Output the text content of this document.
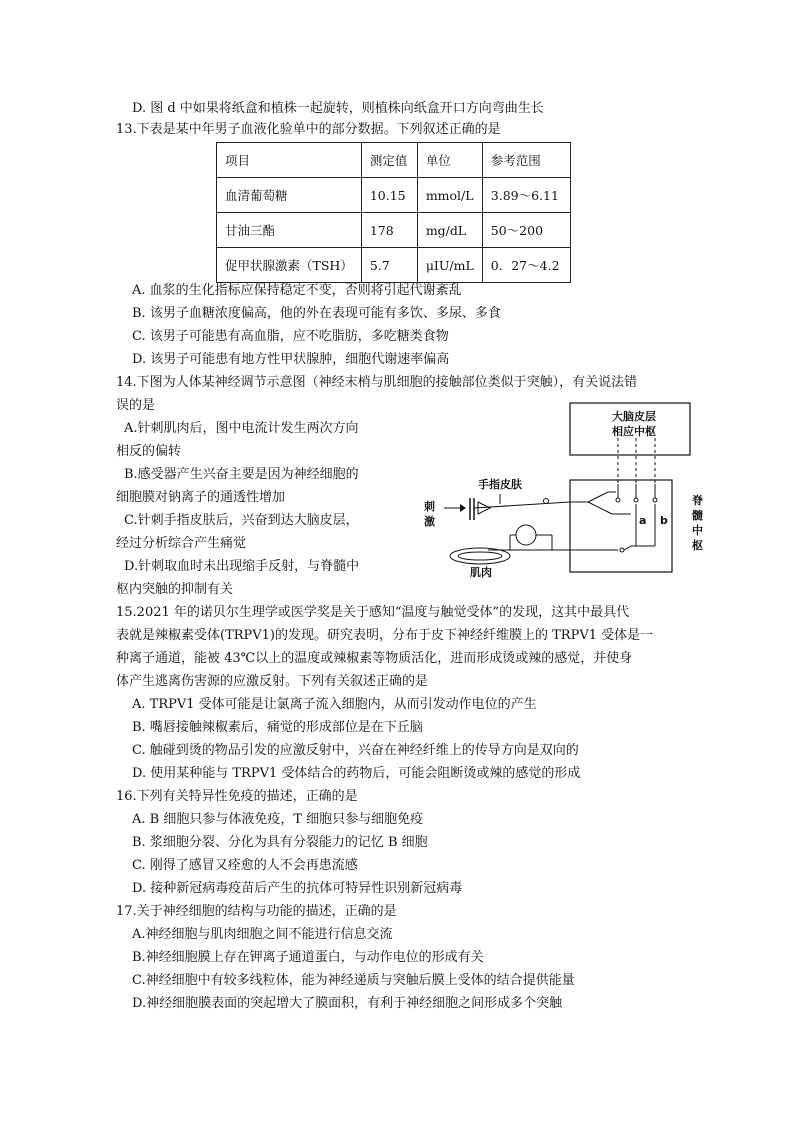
D. 图 d 中如果将纸盒和植株一起旋转，则植株向纸盒开口方向弯曲生长
13.下表是某中年男子血液化验单中的部分数据。下列叙述正确的是
项目	测定值	单位	参考范围
血清葡萄糖	10.15	mmol/L	3.89～6.11
甘油三酯	178	mg/dL	50～200
促甲状腺激素（TSH）	5.7	μIU/mL	0．27～4.2
A. 血浆的生化指标应保持稳定不变，否则将引起代谢紊乱
B. 该男子血糖浓度偏高，他的外在表现可能有多饮、多尿、多食
C. 该男子可能患有高血脂，应不吃脂肪，多吃糖类食物
D. 该男子可能患有地方性甲状腺肿，细胞代谢速率偏高
14.下图为人体某神经调节示意图（神经末梢与肌细胞的接触部位类似于突触），有关说法错
误的是
A.针刺肌肉后，图中电流计发生两次方向
相反的偏转
B.感受器产生兴奋主要是因为神经细胞的
细胞膜对钠离子的通透性增加
C.针刺手指皮肤后，兴奋到达大脑皮层，
经过分析综合产生痛觉
D.针刺取血时未出现缩手反射，与脊髓中
枢内突触的抑制有关
大脑皮层
相应中枢
脊
髓
中
枢
a b
手指皮肤
刺
激
肌肉
15.2021 年的诺贝尔生理学或医学奖是关于感知“温度与触觉受体”的发现，这其中最具代
表就是辣椒素受体(TRPV1)的发现。研究表明，分布于皮下神经纤维膜上的 TRPV1 受体是一
种离子通道，能被 43℃以上的温度或辣椒素等物质活化，进而形成烫或辣的感觉，并使身
体产生逃离伤害源的应激反射。下列有关叙述正确的是
A. TRPV1 受体可能是让氯离子流入细胞内，从而引发动作电位的产生
B. 嘴唇接触辣椒素后，痛觉的形成部位是在下丘脑
C. 触碰到烫的物品引发的应激反射中，兴奋在神经纤维上的传导方向是双向的
D. 使用某种能与 TRPV1 受体结合的药物后，可能会阻断烫或辣的感觉的形成
16.下列有关特异性免疫的描述，正确的是
A. B 细胞只参与体液免疫，T 细胞只参与细胞免疫
B. 浆细胞分裂、分化为具有分裂能力的记忆 B 细胞
C. 刚得了感冒又痊愈的人不会再患流感
D. 接种新冠病毒疫苗后产生的抗体可特异性识别新冠病毒
17.关于神经细胞的结构与功能的描述，正确的是
A.神经细胞与肌肉细胞之间不能进行信息交流
B.神经细胞膜上存在钾离子通道蛋白，与动作电位的形成有关
C.神经细胞中有较多线粒体，能为神经递质与突触后膜上受体的结合提供能量
D.神经细胞膜表面的突起增大了膜面积，有利于神经细胞之间形成多个突触
